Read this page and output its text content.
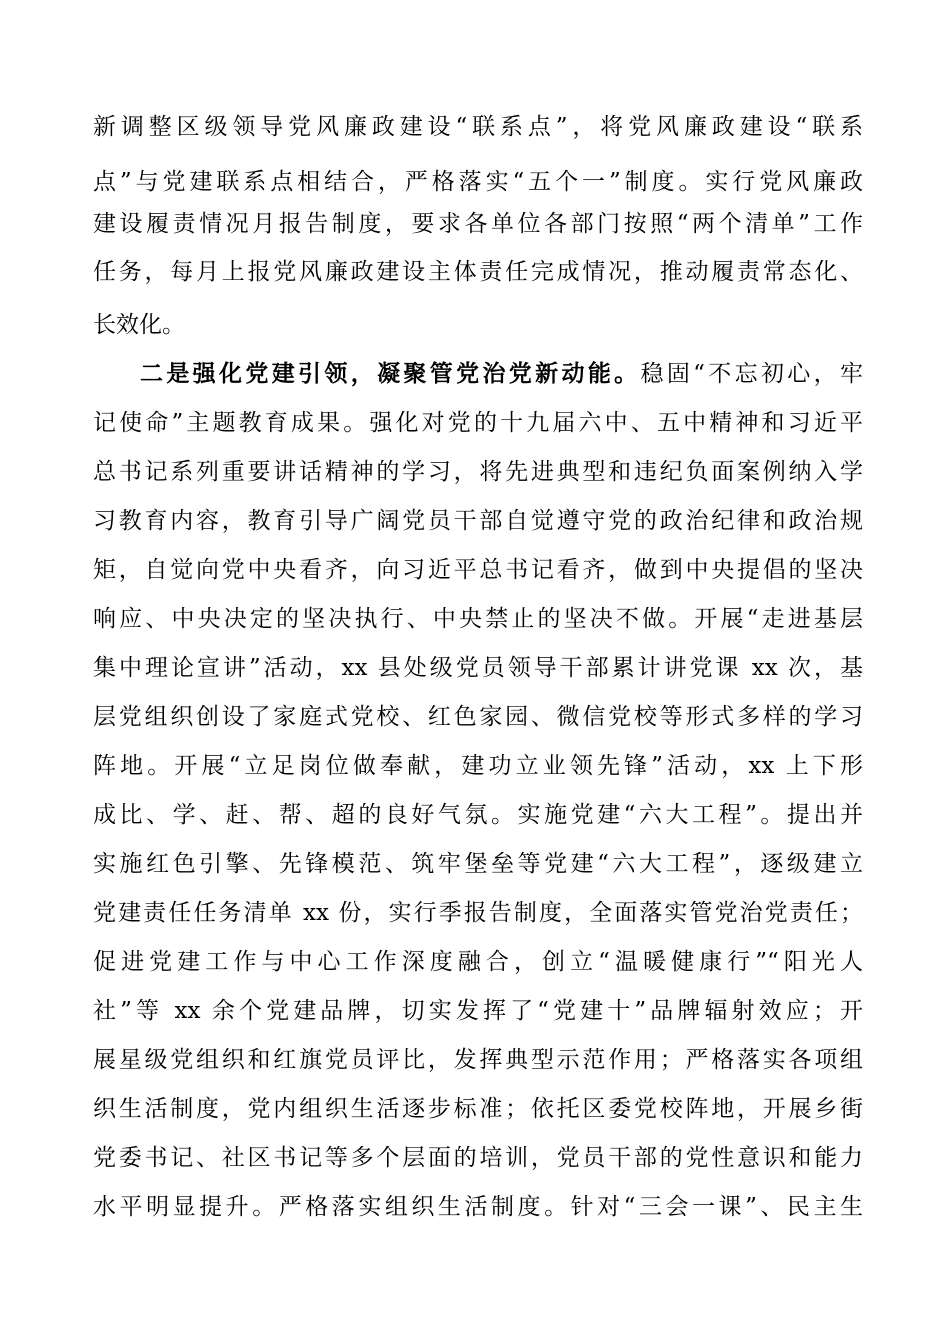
新调整区级领导党风廉政建设“联系点”，将党风廉政建设“联系
点”与党建联系点相结合，严格落实“五个一”制度。实行党风廉政
建设履责情况月报告制度，要求各单位各部门按照“两个清单”工作
任务，每月上报党风廉政建设主体责任完成情况，推动履责常态化、
长效化。
二是强化党建引领，凝聚管党治党新动能。稳固“不忘初心，牢
记使命”主题教育成果。强化对党的十九届六中、五中精神和习近平
总书记系列重要讲话精神的学习，将先进典型和违纪负面案例纳入学
习教育内容，教育引导广阔党员干部自觉遵守党的政治纪律和政治规
矩，自觉向党中央看齐，向习近平总书记看齐，做到中央提倡的坚决
响应、中央决定的坚决执行、中央禁止的坚决不做。开展“走进基层
集中理论宣讲”活动，xx 县处级党员领导干部累计讲党课 xx 次，基
层党组织创设了家庭式党校、红色家园、微信党校等形式多样的学习
阵地。开展“立足岗位做奉献，建功立业领先锋”活动，xx 上下形
成比、学、赶、帮、超的良好气氛。实施党建“六大工程”。提出并
实施红色引擎、先锋模范、筑牢堡垒等党建“六大工程”，逐级建立
党建责任任务清单 xx 份，实行季报告制度，全面落实管党治党责任；
促进党建工作与中心工作深度融合，创立“温暖健康行”“阳光人
社”等 xx 余个党建品牌，切实发挥了“党建十”品牌辐射效应；开
展星级党组织和红旗党员评比，发挥典型示范作用；严格落实各项组
织生活制度，党内组织生活逐步标准；依托区委党校阵地，开展乡街
党委书记、社区书记等多个层面的培训，党员干部的党性意识和能力
水平明显提升。严格落实组织生活制度。针对“三会一课”、民主生
